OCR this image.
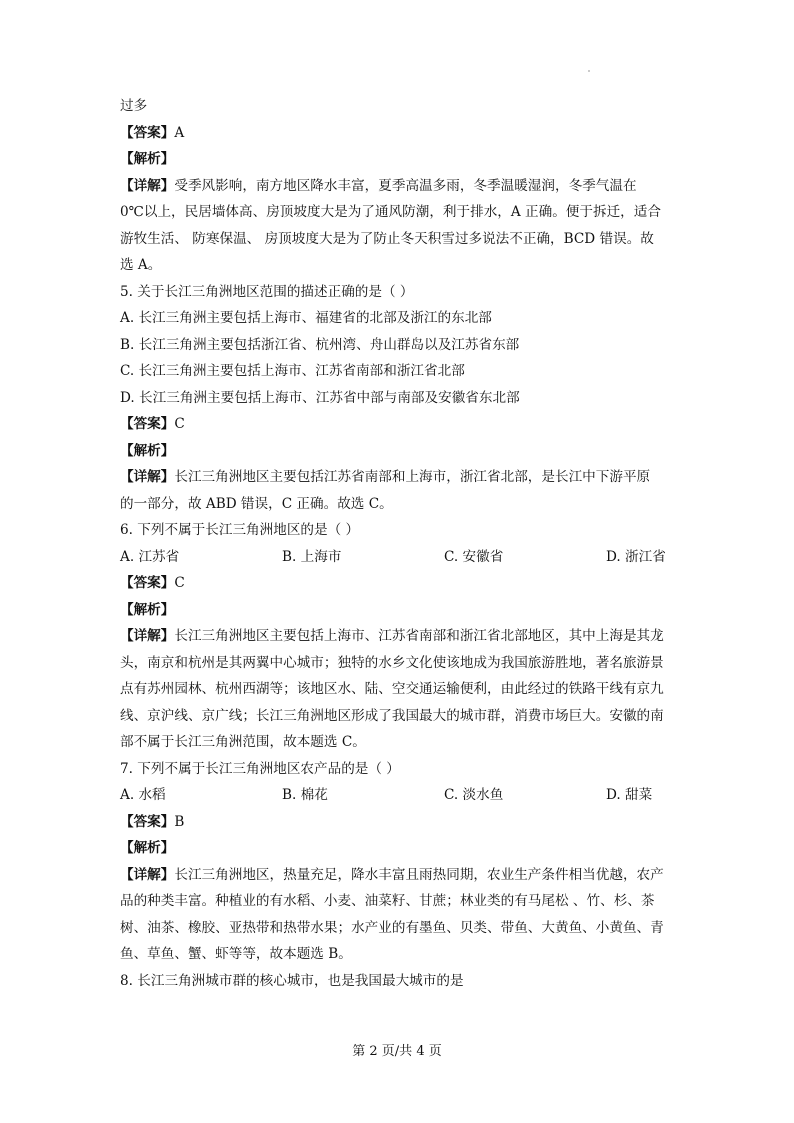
过多
【答案】A
【解析】
【详解】受季风影响，南方地区降水丰富，夏季高温多雨，冬季温暖湿润，冬季气温在
0℃以上，民居墙体高、房顶坡度大是为了通风防潮，利于排水，A 正确。便于拆迁，适合
游牧生活、 防寒保温、 房顶坡度大是为了防止冬天积雪过多说法不正确，BCD 错误。故
选 A。
5. 关于长江三角洲地区范围的描述正确的是（ ）
A. 长江三角洲主要包括上海市、福建省的北部及浙江的东北部
B. 长江三角洲主要包括浙江省、杭州湾、舟山群岛以及江苏省东部
C. 长江三角洲主要包括上海市、江苏省南部和浙江省北部
D. 长江三角洲主要包括上海市、江苏省中部与南部及安徽省东北部
【答案】C
【解析】
【详解】长江三角洲地区主要包括江苏省南部和上海市，浙江省北部，是长江中下游平原
的一部分，故 ABD 错误，C 正确。故选 C。
6. 下列不属于长江三角洲地区的是（ ）
A. 江苏省	B. 上海市	C. 安徽省	D. 浙江省
【答案】C
【解析】
【详解】长江三角洲地区主要包括上海市、江苏省南部和浙江省北部地区，其中上海是其龙
头，南京和杭州是其两翼中心城市；独特的水乡文化使该地成为我国旅游胜地，著名旅游景
点有苏州园林、杭州西湖等；该地区水、陆、空交通运输便利，由此经过的铁路干线有京九
线、京沪线、京广线；长江三角洲地区形成了我国最大的城市群，消费市场巨大。安徽的南
部不属于长江三角洲范围，故本题选 C。
7. 下列不属于长江三角洲地区农产品的是（ ）
A. 水稻	B. 棉花	C. 淡水鱼	D. 甜菜
【答案】B
【解析】
【详解】长江三角洲地区，热量充足，降水丰富且雨热同期，农业生产条件相当优越，农产
品的种类丰富。种植业的有水稻、小麦、油菜籽、甘蔗；林业类的有马尾松 、竹、杉、茶
树、油茶、橡胶、亚热带和热带水果；水产业的有墨鱼、贝类、带鱼、大黄鱼、小黄鱼、青
鱼、草鱼、蟹、虾等等，故本题选 B。
8. 长江三角洲城市群的核心城市，也是我国最大城市的是
第 2 页/共 4 页
